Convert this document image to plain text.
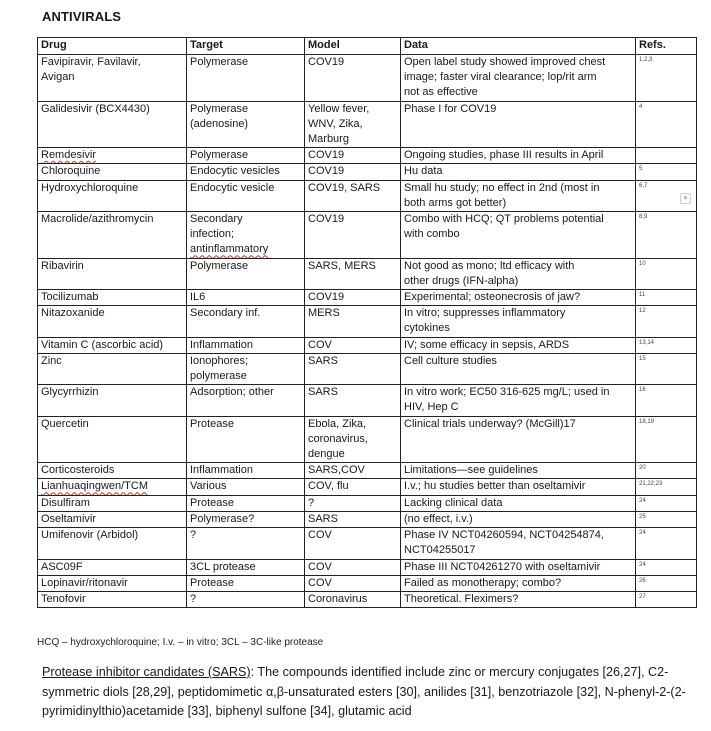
ANTIVIRALS
Drug	Target	Model	Data	Refs.

Favipiravir, Favilavir,
Avigan	Polymerase	COV19	Open label study showed improved chest
image; faster viral clearance; lop/rit arm
not as effective	1,2,3

Galidesivir (BCX4430)	Polymerase
(adenosine)	Yellow fever,
WNV, Zika,
Marburg	Phase I for COV19	4

Remdesivir	Polymerase	COV19	Ongoing studies, phase III results in April	

Chloroquine	Endocytic vesicles	COV19	Hu data	5

Hydroxychloroquine	Endocytic vesicle	COV19, SARS	Small hu study; no effect in 2nd (most in
both arms got better)	6,7

Macrolide/azithromycin	Secondary
infection;
antinflammatory	COV19	Combo with HCQ; QT problems potential
with combo	8,9

Ribavirin	Polymerase	SARS, MERS	Not good as mono; ltd efficacy with
other drugs (IFN-alpha)	10

Tocilizumab	IL6	COV19	Experimental; osteonecrosis of jaw?	11

Nitazoxanide	Secondary inf.	MERS	In vitro; suppresses inflammatory
cytokines	12

Vitamin C (ascorbic acid)	Inflammation	COV	IV; some efficacy in sepsis, ARDS	13,14

Zinc	Ionophores;
polymerase	SARS	Cell culture studies	15

Glycyrrhizin	Adsorption; other	SARS	In vitro work; EC50 316-625 mg/L; used in
HIV, Hep C	16

Quercetin	Protease	Ebola, Zika,
coronavirus,
dengue	Clinical trials underway? (McGill)17	18,19

Corticosteroids	Inflammation	SARS,COV	Limitations—see guidelines	20

Lianhuaqingwen/TCM	Various	COV, flu	I.v.; hu studies better than oseltamivir	21,22,23

Disulfiram	Protease	?	Lacking clinical data	24

Oseltamivir	Polymerase?	SARS	(no effect, i.v.)	25

Umifenovir (Arbidol)	?	COV	Phase IV NCT04260594, NCT04254874,
NCT04255017	24

ASC09F	3CL protease	COV	Phase III NCT04261270 with oseltamivir	24

Lopinavir/ritonavir	Protease	COV	Failed as monotherapy; combo?	26

Tenofovir	?	Coronavirus	Theoretical. Fleximers?	27
▾
HCQ – hydroxychloroquine; I.v. – in vitro; 3CL – 3C-like protease
Protease inhibitor candidates (SARS): The compounds identified include zinc or mercury conjugates [26,27], C2-symmetric diols [28,29], peptidomimetic α,β-unsaturated esters [30], anilides [31], benzotriazole [32], N-phenyl-2-(2-pyrimidinylthio)acetamide [33], biphenyl sulfone [34], glutamic acid
